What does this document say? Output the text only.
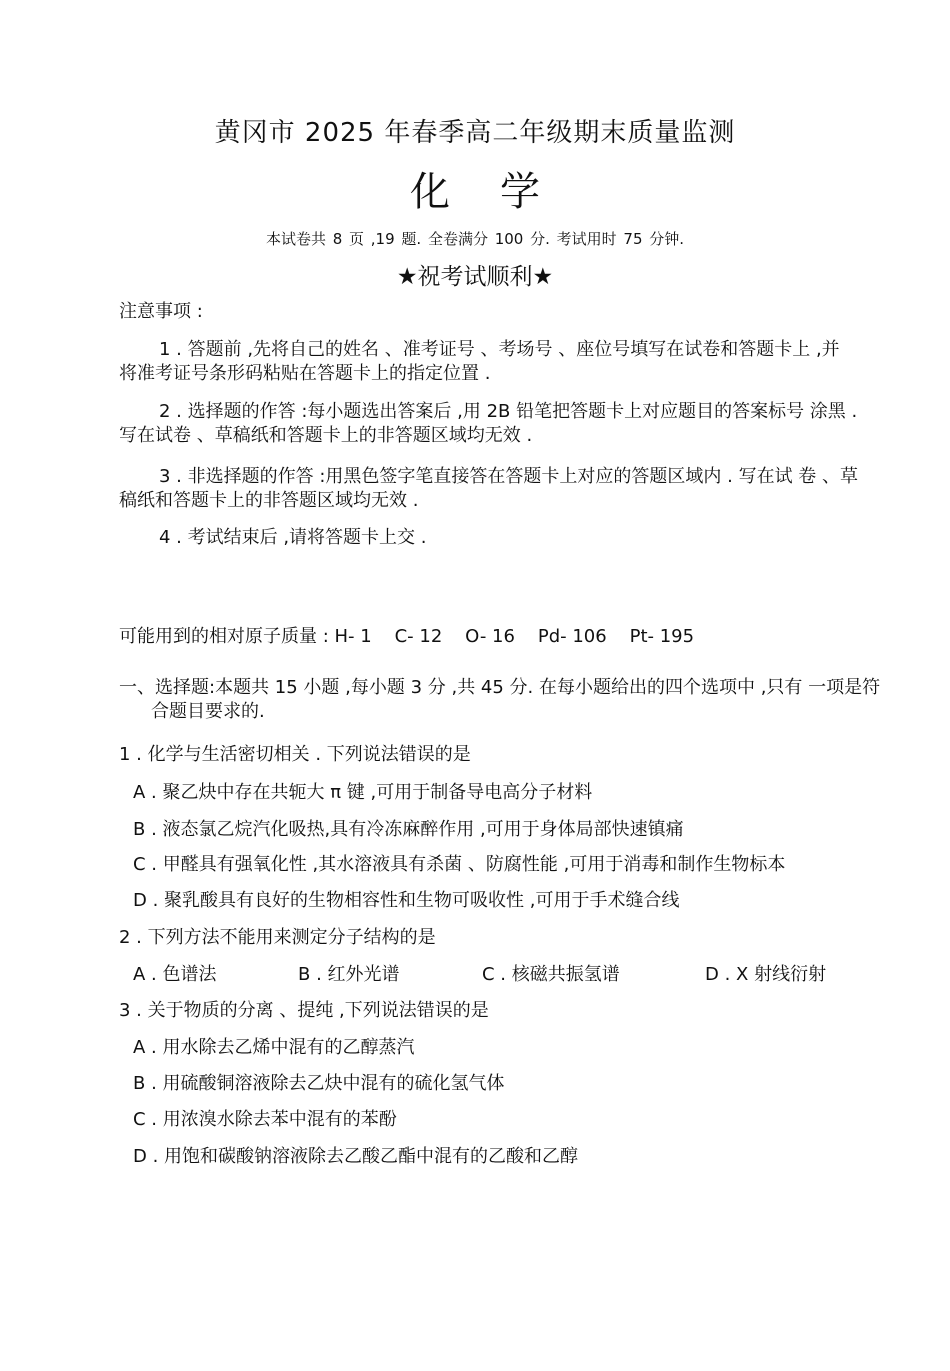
黄冈市 2025 年春季高二年级期末质量监测
化学
本试卷共 8 页 ,19 题. 全卷满分 100 分. 考试用时 75 分钟.
★祝考试顺利★
注意事项 :
1 . 答题前 ,先将自己的姓名 、准考证号 、考场号 、座位号填写在试卷和答题卡上 ,并 将准考证号条形码粘贴在答题卡上的指定位置 .
2 . 选择题的作答 :每小题选出答案后 ,用 2B 铅笔把答题卡上对应题目的答案标号 涂黑 . 写在试卷 、草稿纸和答题卡上的非答题区域均无效 .
3 . 非选择题的作答 :用黑色签字笔直接答在答题卡上对应的答题区域内 . 写在试 卷 、草稿纸和答题卡上的非答题区域均无效 .
4 . 考试结束后 ,请将答题卡上交 .
可能用到的相对原子质量 : H- 1    C- 12    O- 16    Pd- 106    Pt- 195
一、选择题:本题共 15 小题 ,每小题 3 分 ,共 45 分. 在每小题给出的四个选项中 ,只有 一项是符合题目要求的.
1 . 化学与生活密切相关 . 下列说法错误的是
A . 聚乙炔中存在共轭大 π 键 ,可用于制备导电高分子材料
B . 液态氯乙烷汽化吸热,具有冷冻麻醉作用 ,可用于身体局部快速镇痛
C . 甲醛具有强氧化性 ,其水溶液具有杀菌 、防腐性能 ,可用于消毒和制作生物标本
D . 聚乳酸具有良好的生物相容性和生物可吸收性 ,可用于手术缝合线
2 . 下列方法不能用来测定分子结构的是
A . 色谱法	B . 红外光谱	C . 核磁共振氢谱	D . X 射线衍射
3 . 关于物质的分离 、提纯 ,下列说法错误的是
A . 用水除去乙烯中混有的乙醇蒸汽
B . 用硫酸铜溶液除去乙炔中混有的硫化氢气体
C . 用浓溴水除去苯中混有的苯酚
D . 用饱和碳酸钠溶液除去乙酸乙酯中混有的乙酸和乙醇
